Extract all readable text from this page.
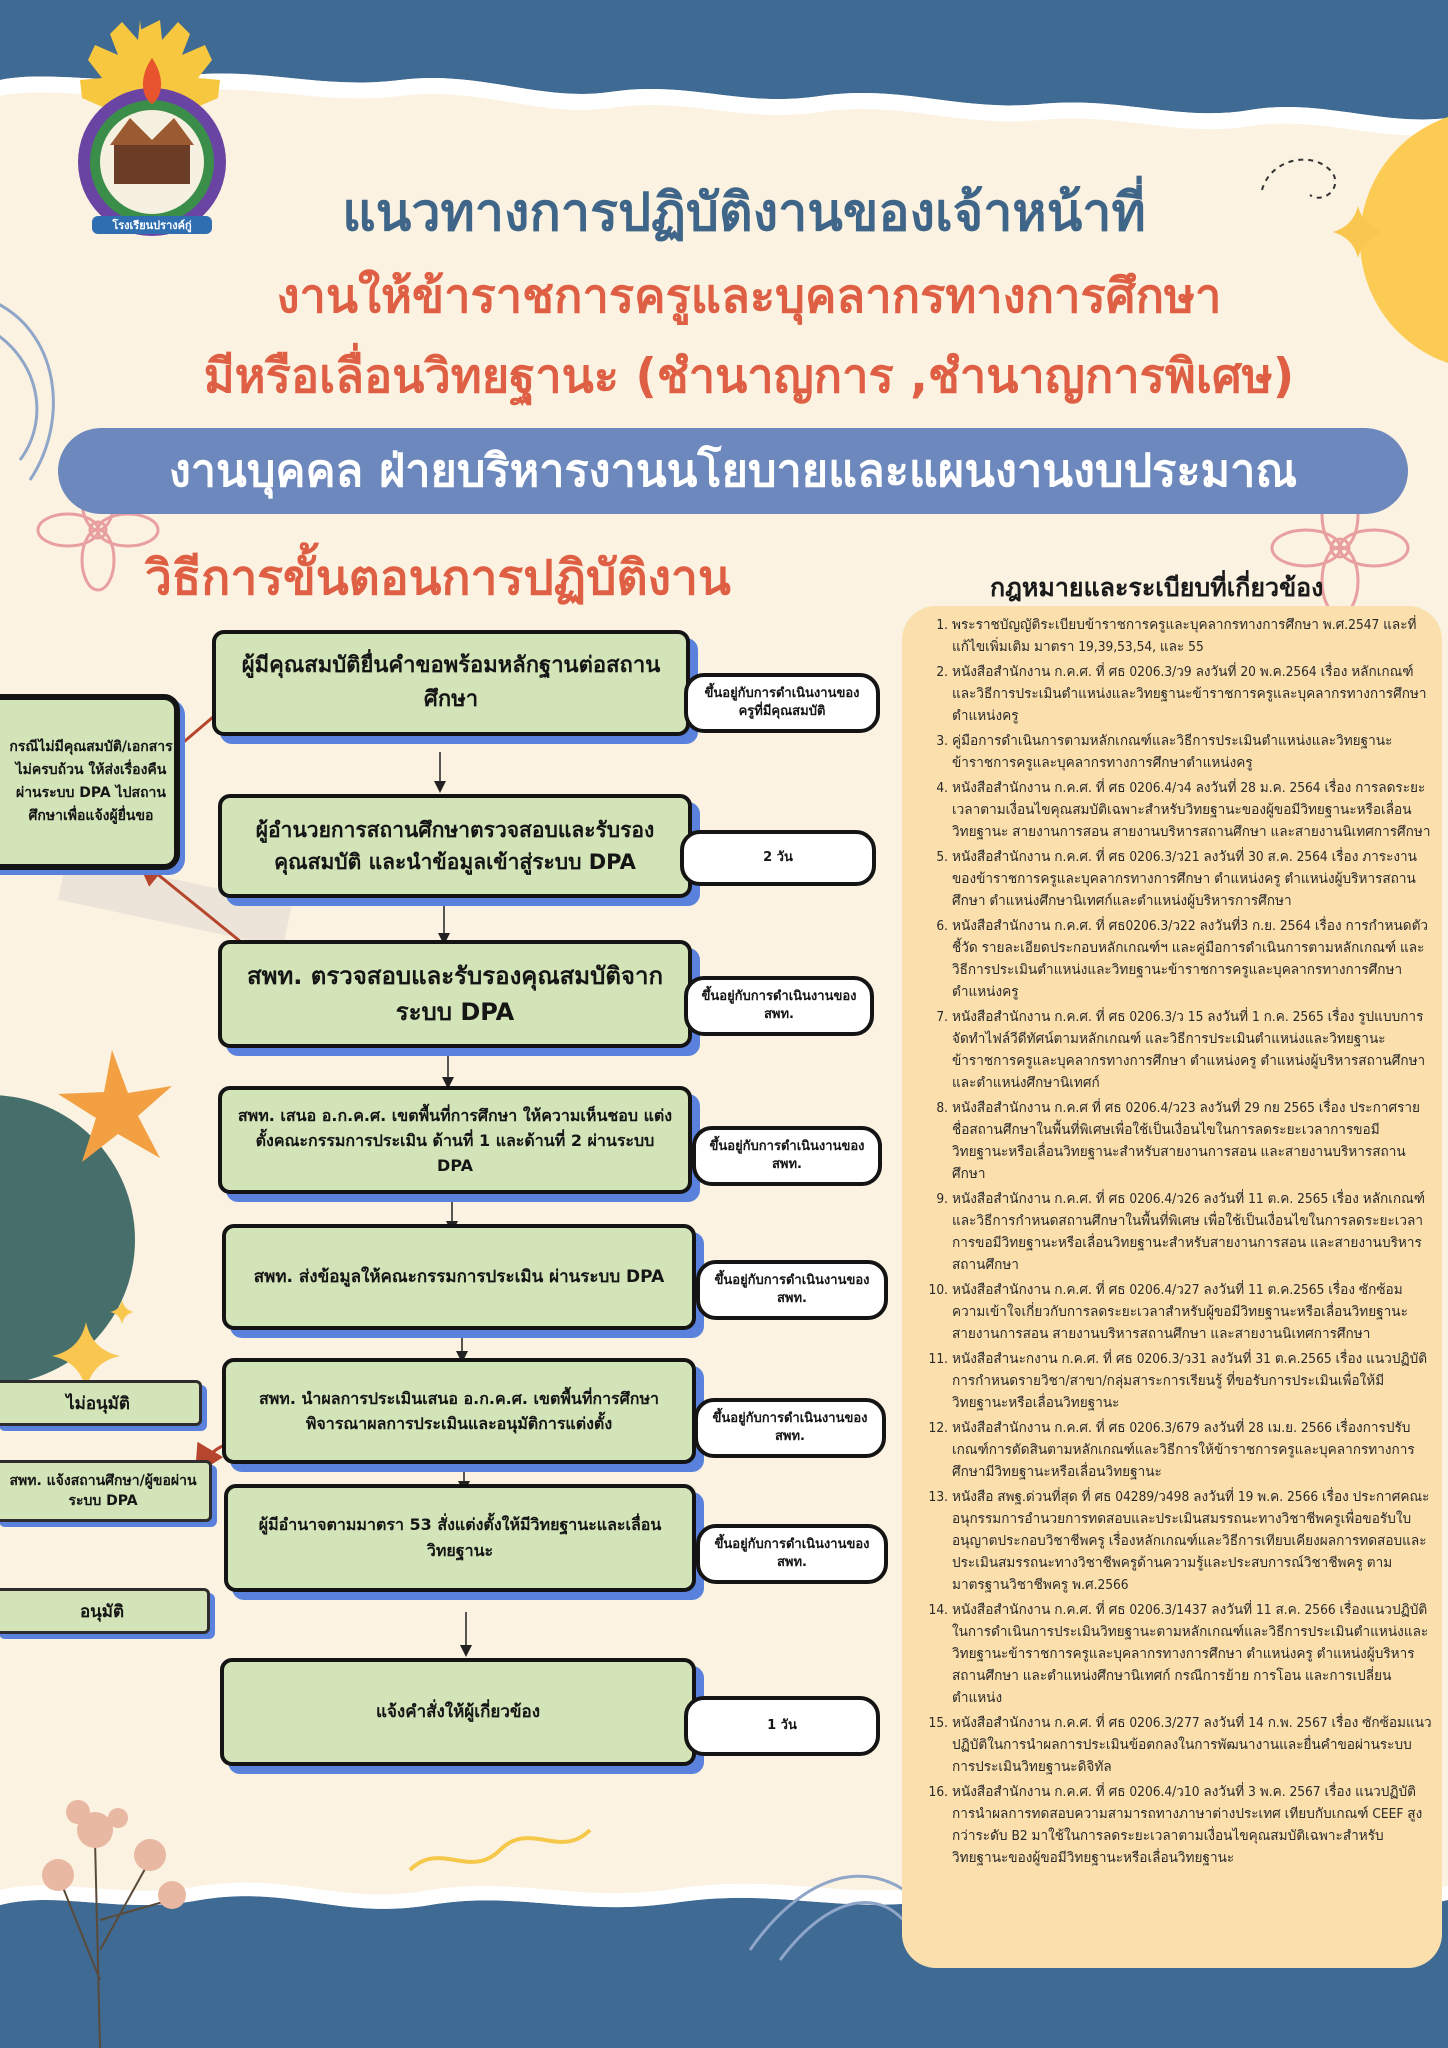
โรงเรียนปรางค์กู่	แนวทางการปฏิบัติงานของเจ้าหน้าที่
งานให้ข้าราชการครูและบุคลากรทางการศึกษา
มีหรือเลื่อนวิทยฐานะ (ชำนาญการ ,ชำนาญการพิเศษ)
งานบุคคล ฝ่ายบริหารงานนโยบายและแผนงานงบประมาณ
วิธีการขั้นตอนการปฏิบัติงาน
ผู้มีคุณสมบัติยื่นคำขอพร้อมหลักฐานต่อสถานศึกษา	ขึ้นอยู่กับการดำเนินงานของครูที่มีคุณสมบัติ
ผู้อำนวยการสถานศึกษาตรวจสอบและรับรองคุณสมบัติ และนำข้อมูลเข้าสู่ระบบ DPA	2 วัน
สพท. ตรวจสอบและรับรองคุณสมบัติจากระบบ DPA
ขึ้นอยู่กับการดำเนินงานของ สพท.
สพท. เสนอ อ.ก.ค.ศ. เขตพื้นที่การศึกษา ให้ความเห็นชอบ แต่งตั้งคณะกรรมการประเมิน ด้านที่ 1 และด้านที่ 2 ผ่านระบบ DPA
ขึ้นอยู่กับการดำเนินงานของ สพท.
สพท. ส่งข้อมูลให้คณะกรรมการประเมิน ผ่านระบบ DPA	ขึ้นอยู่กับการดำเนินงานของ สพท.
สพท. นำผลการประเมินเสนอ อ.ก.ค.ศ. เขตพื้นที่การศึกษา พิจารณาผลการประเมินและอนุมัติการแต่งตั้ง	ขึ้นอยู่กับการดำเนินงานของ สพท.
ผู้มีอำนาจตามมาตรา 53 สั่งแต่งตั้งให้มีวิทยฐานะและเลื่อนวิทยฐานะ	ขึ้นอยู่กับการดำเนินงานของ สพท.
แจ้งคำสั่งให้ผู้เกี่ยวข้อง
1 วัน
กรณีไม่มีคุณสมบัติ/เอกสาร ไม่ครบถ้วน ให้ส่งเรื่องคืนผ่านระบบ DPA ไปสถานศึกษาเพื่อแจ้งผู้ยื่นขอ
ไม่อนุมัติ
สพท. แจ้งสถานศึกษา/ผู้ขอผ่านระบบ DPA
อนุมัติ
กฎหมายและระเบียบที่เกี่ยวข้อง
1. พระราชบัญญัติระเบียบข้าราชการครูและบุคลากรทางการศึกษา พ.ศ.2547 และที่แก้ไขเพิ่มเติม มาตรา 19,39,53,54, และ 55
2. หนังสือสำนักงาน ก.ค.ศ. ที่ ศธ 0206.3/ว9 ลงวันที่ 20 พ.ค.2564 เรื่อง หลักเกณฑ์และวิธีการประเมินตำแหน่งและวิทยฐานะข้าราชการครูและบุคลากรทางการศึกษา ตำแหน่งครู
3. คู่มือการดำเนินการตามหลักเกณฑ์และวิธีการประเมินตำแหน่งและวิทยฐานะข้าราชการครูและบุคลากรทางการศึกษาตำแหน่งครู
4. หนังสือสำนักงาน ก.ค.ศ. ที่ ศธ 0206.4/ว4 ลงวันที่ 28 ม.ค. 2564 เรื่อง การลดระยะเวลาตามเงื่อนไขคุณสมบัติเฉพาะสำหรับวิทยฐานะของผู้ขอมีวิทยฐานะหรือเลื่อนวิทยฐานะ สายงานการสอน สายงานบริหารสถานศึกษา และสายงานนิเทศการศึกษา
5. หนังสือสำนักงาน ก.ค.ศ. ที่ ศธ 0206.3/ว21 ลงวันที่ 30 ส.ค. 2564 เรื่อง ภาระงานของข้าราชการครูและบุคลากรทางการศึกษา ตำแหน่งครู ตำแหน่งผู้บริหารสถานศึกษา ตำแหน่งศึกษานิเทศก์และตำแหน่งผู้บริหารการศึกษา
6. หนังสือสำนักงาน ก.ค.ศ. ที่ ศธ0206.3/ว22 ลงวันที่3 ก.ย. 2564 เรื่อง การกำหนดตัวชี้วัด รายละเอียดประกอบหลักเกณฑ์ฯ และคู่มือการดำเนินการตามหลักเกณฑ์ และวิธีการประเมินตำแหน่งและวิทยฐานะข้าราชการครูและบุคลากรทางการศึกษา ตำแหน่งครู
7. หนังสือสำนักงาน ก.ค.ศ. ที่ ศธ 0206.3/ว 15 ลงวันที่ 1 ก.ค. 2565 เรื่อง รูปแบบการจัดทำไฟล์วีดีทัศน์ตามหลักเกณฑ์ และวิธีการประเมินตำแหน่งและวิทยฐานะข้าราชการครูและบุคลากรทางการศึกษา ตำแหน่งครู ตำแหน่งผู้บริหารสถานศึกษา และตำแหน่งศึกษานิเทศก์
8. หนังสือสำนักงาน ก.ค.ศ ที่ ศธ 0206.4/ว23 ลงวันที่ 29 กย 2565 เรื่อง ประกาศรายชื่อสถานศึกษาในพื้นที่พิเศษเพื่อใช้เป็นเงื่อนไขในการลดระยะเวลาการขอมีวิทยฐานะหรือเลื่อนวิทยฐานะสำหรับสายงานการสอน และสายงานบริหารสถานศึกษา
9. หนังสือสำนักงาน ก.ค.ศ. ที่ ศธ 0206.4/ว26 ลงวันที่ 11 ต.ค. 2565 เรื่อง หลักเกณฑ์และวิธีการกำหนดสถานศึกษาในพื้นที่พิเศษ เพื่อใช้เป็นเงื่อนไขในการลดระยะเวลาการขอมีวิทยฐานะหรือเลื่อนวิทยฐานะสำหรับสายงานการสอน และสายงานบริหารสถานศึกษา
10. หนังสือสำนักงาน ก.ค.ศ. ที่ ศธ 0206.4/ว27 ลงวันที่ 11 ต.ค.2565 เรื่อง ซักซ้อมความเข้าใจเกี่ยวกับการลดระยะเวลาสำหรับผู้ขอมีวิทยฐานะหรือเลื่อนวิทยฐานะ สายงานการสอน สายงานบริหารสถานศึกษา และสายงานนิเทศการศึกษา
11. หนังสือสำนะกงาน ก.ค.ศ. ที่ ศธ 0206.3/ว31 ลงวันที่ 31 ต.ค.2565 เรื่อง แนวปฏิบัติการกำหนดรายวิชา/สาขา/กลุ่มสาระการเรียนรู้ ที่ขอรับการประเมินเพื่อให้มีวิทยฐานะหรือเลื่อนวิทยฐานะ
12. หนังสือสำนักงาน ก.ค.ศ. ที่ ศธ 0206.3/679 ลงวันที่ 28 เม.ย. 2566 เรื่องการปรับเกณฑ์การตัดสินตามหลักเกณฑ์และวิธีการให้ข้าราชการครูและบุคลากรทางการศึกษามีวิทยฐานะหรือเลื่อนวิทยฐานะ
13. หนังสือ สพฐ.ด่วนที่สุด ที่ ศธ 04289/ว498 ลงวันที่ 19 พ.ค. 2566 เรื่อง ประกาศคณะอนุกรรมการอำนวยการทดสอบและประเมินสมรรถนะทางวิชาชีพครูเพื่อขอรับใบอนุญาตประกอบวิชาชีพครู เรื่องหลักเกณฑ์และวิธีการเทียบเคียงผลการทดสอบและประเมินสมรรถนะทางวิชาชีพครูด้านความรู้และประสบการณ์วิชาชีพครู ตามมาตรฐานวิชาชีพครู พ.ศ.2566
14. หนังสือสำนักงาน ก.ค.ศ. ที่ ศธ 0206.3/1437 ลงวันที่ 11 ส.ค. 2566 เรื่องแนวปฏิบัติในการดำเนินการประเมินวิทยฐานะตามหลักเกณฑ์และวิธีการประเมินตำแหน่งและวิทยฐานะข้าราชการครูและบุคลากรทางการศึกษา ตำแหน่งครู ตำแหน่งผู้บริหารสถานศึกษา และตำแหน่งศึกษานิเทศก์ กรณีการย้าย การโอน และการเปลี่ยนตำแหน่ง
15. หนังสือสำนักงาน ก.ค.ศ. ที่ ศธ 0206.3/277 ลงวันที่ 14 ก.พ. 2567 เรื่อง ซักซ้อมแนวปฏิบัติในการนำผลการประเมินข้อตกลงในการพัฒนางานและยื่นคำขอผ่านระบบการประเมินวิทยฐานะดิจิทัล
16. หนังสือสำนักงาน ก.ค.ศ. ที่ ศธ 0206.4/ว10 ลงวันที่ 3 พ.ค. 2567 เรื่อง แนวปฏิบัติการนำผลการทดสอบความสามารถทางภาษาต่างประเทศ เทียบกับเกณฑ์ CEEF สูงกว่าระดับ B2 มาใช้ในการลดระยะเวลาตามเงื่อนไขคุณสมบัติเฉพาะสำหรับวิทยฐานะของผู้ขอมีวิทยฐานะหรือเลื่อนวิทยฐานะ
